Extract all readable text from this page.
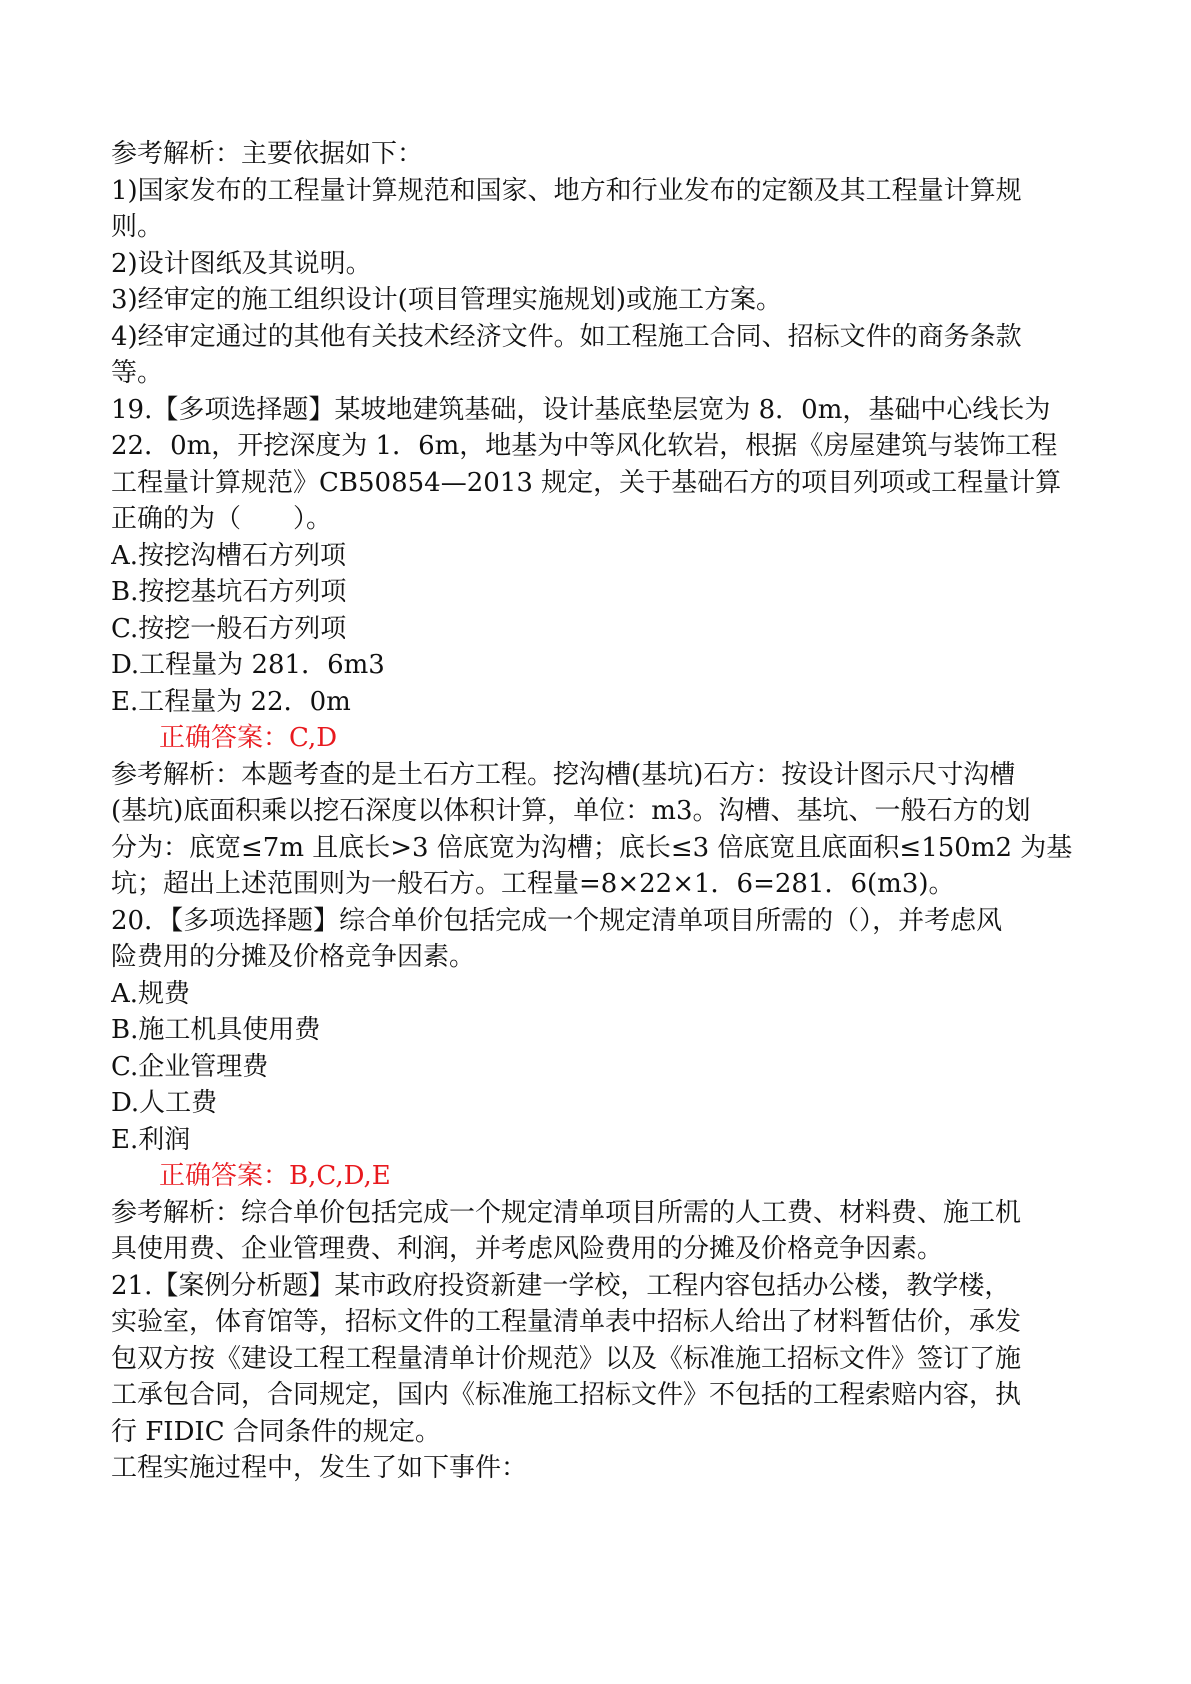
参考解析：主要依据如下：
1)国家发布的工程量计算规范和国家、地方和行业发布的定额及其工程量计算规
则。
2)设计图纸及其说明。
3)经审定的施工组织设计(项目管理实施规划)或施工方案。
4)经审定通过的其他有关技术经济文件。如工程施工合同、招标文件的商务条款
等。
19.【多项选择题】某坡地建筑基础，设计基底垫层宽为 8．0m，基础中心线长为
22．0m，开挖深度为 1．6m，地基为中等风化软岩，根据《房屋建筑与装饰工程
工程量计算规范》CB50854—2013 规定，关于基础石方的项目列项或工程量计算
正确的为（　　）。
A.按挖沟槽石方列项
B.按挖基坑石方列项
C.按挖一般石方列项
D.工程量为 281．6m3
E.工程量为 22．0m
正确答案：C,D
参考解析：本题考查的是土石方工程。挖沟槽(基坑)石方：按设计图示尺寸沟槽
(基坑)底面积乘以挖石深度以体积计算，单位：m3。沟槽、基坑、一般石方的划
分为：底宽≤7m 且底长>3 倍底宽为沟槽；底长≤3 倍底宽且底面积≤150m2 为基
坑；超出上述范围则为一般石方。工程量=8×22×1．6=281．6(m3)。
20．【多项选择题】综合单价包括完成一个规定清单项目所需的（），并考虑风
险费用的分摊及价格竞争因素。
A.规费
B.施工机具使用费
C.企业管理费
D.人工费
E.利润
正确答案：B,C,D,E
参考解析：综合单价包括完成一个规定清单项目所需的人工费、材料费、施工机
具使用费、企业管理费、利润，并考虑风险费用的分摊及价格竞争因素。
21.【案例分析题】某市政府投资新建一学校，工程内容包括办公楼，教学楼，
实验室，体育馆等，招标文件的工程量清单表中招标人给出了材料暂估价，承发
包双方按《建设工程工程量清单计价规范》以及《标准施工招标文件》签订了施
工承包合同，合同规定，国内《标准施工招标文件》不包括的工程索赔内容，执
行 FIDIC 合同条件的规定。
工程实施过程中，发生了如下事件：
